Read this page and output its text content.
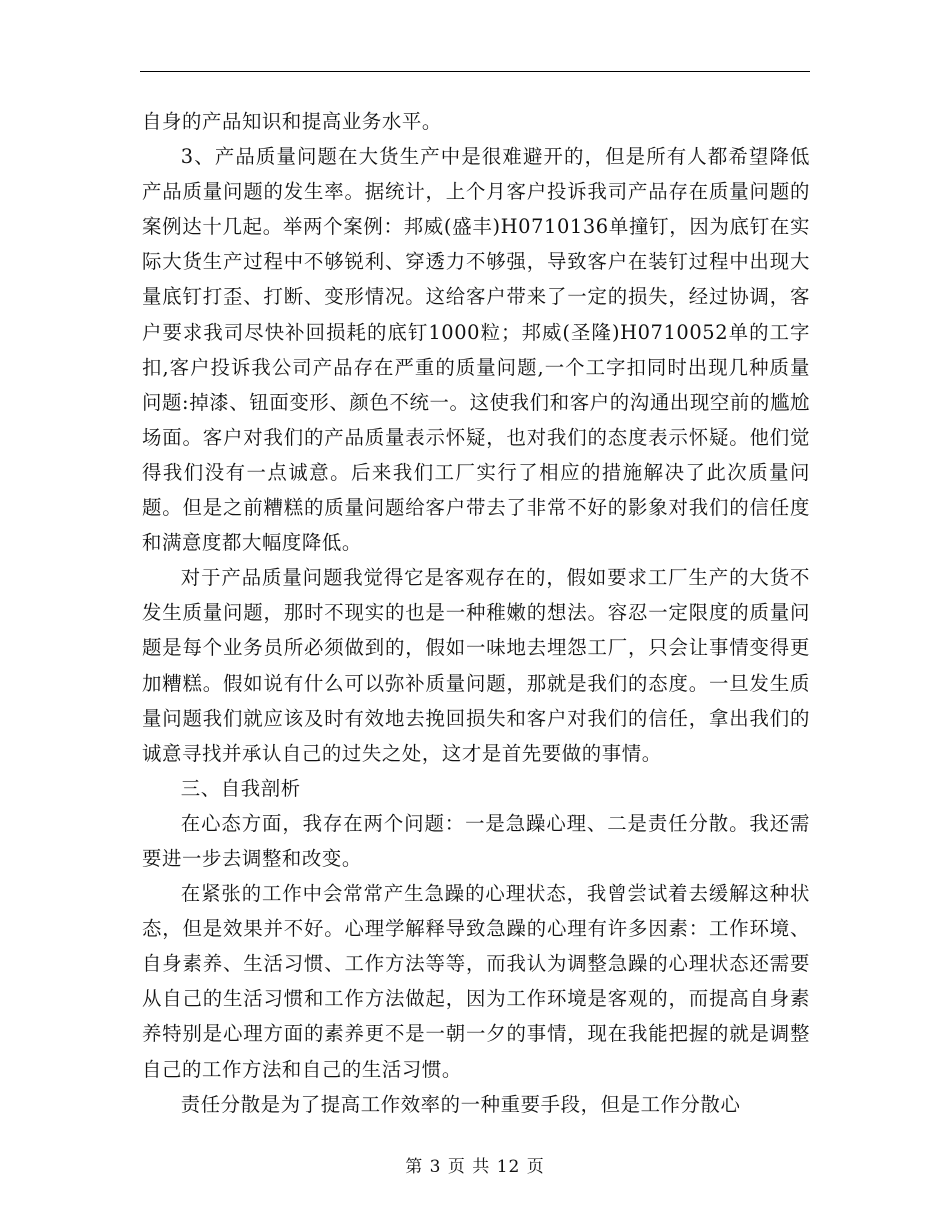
自身的产品知识和提高业务水平。

3、产品质量问题在大货生产中是很难避开的，但是所有人都希望降低产品质量问题的发生率。据统计，上个月客户投诉我司产品存在质量问题的案例达十几起。举两个案例：邦威(盛丰)H0710136单撞钉，因为底钉在实际大货生产过程中不够锐利、穿透力不够强，导致客户在装钉过程中出现大量底钉打歪、打断、变形情况。这给客户带来了一定的损失，经过协调，客户要求我司尽快补回损耗的底钉1000粒；邦威(圣隆)H0710052单的工字扣,客户投诉我公司产品存在严重的质量问题,一个工字扣同时出现几种质量问题:掉漆、钮面变形、颜色不统一。这使我们和客户的沟通出现空前的尴尬场面。客户对我们的产品质量表示怀疑，也对我们的态度表示怀疑。他们觉得我们没有一点诚意。后来我们工厂实行了相应的措施解决了此次质量问题。但是之前糟糕的质量问题给客户带去了非常不好的影象对我们的信任度和满意度都大幅度降低。

对于产品质量问题我觉得它是客观存在的，假如要求工厂生产的大货不发生质量问题，那时不现实的也是一种稚嫩的想法。容忍一定限度的质量问题是每个业务员所必须做到的，假如一味地去埋怨工厂，只会让事情变得更加糟糕。假如说有什么可以弥补质量问题，那就是我们的态度。一旦发生质量问题我们就应该及时有效地去挽回损失和客户对我们的信任，拿出我们的诚意寻找并承认自己的过失之处，这才是首先要做的事情。

三、自我剖析

在心态方面，我存在两个问题：一是急躁心理、二是责任分散。我还需要进一步去调整和改变。

在紧张的工作中会常常产生急躁的心理状态，我曾尝试着去缓解这种状态，但是效果并不好。心理学解释导致急躁的心理有许多因素：工作环境、自身素养、生活习惯、工作方法等等，而我认为调整急躁的心理状态还需要从自己的生活习惯和工作方法做起，因为工作环境是客观的，而提高自身素养特别是心理方面的素养更不是一朝一夕的事情，现在我能把握的就是调整自己的工作方法和自己的生活习惯。

责任分散是为了提高工作效率的一种重要手段，但是工作分散心

第 3 页 共 12 页
